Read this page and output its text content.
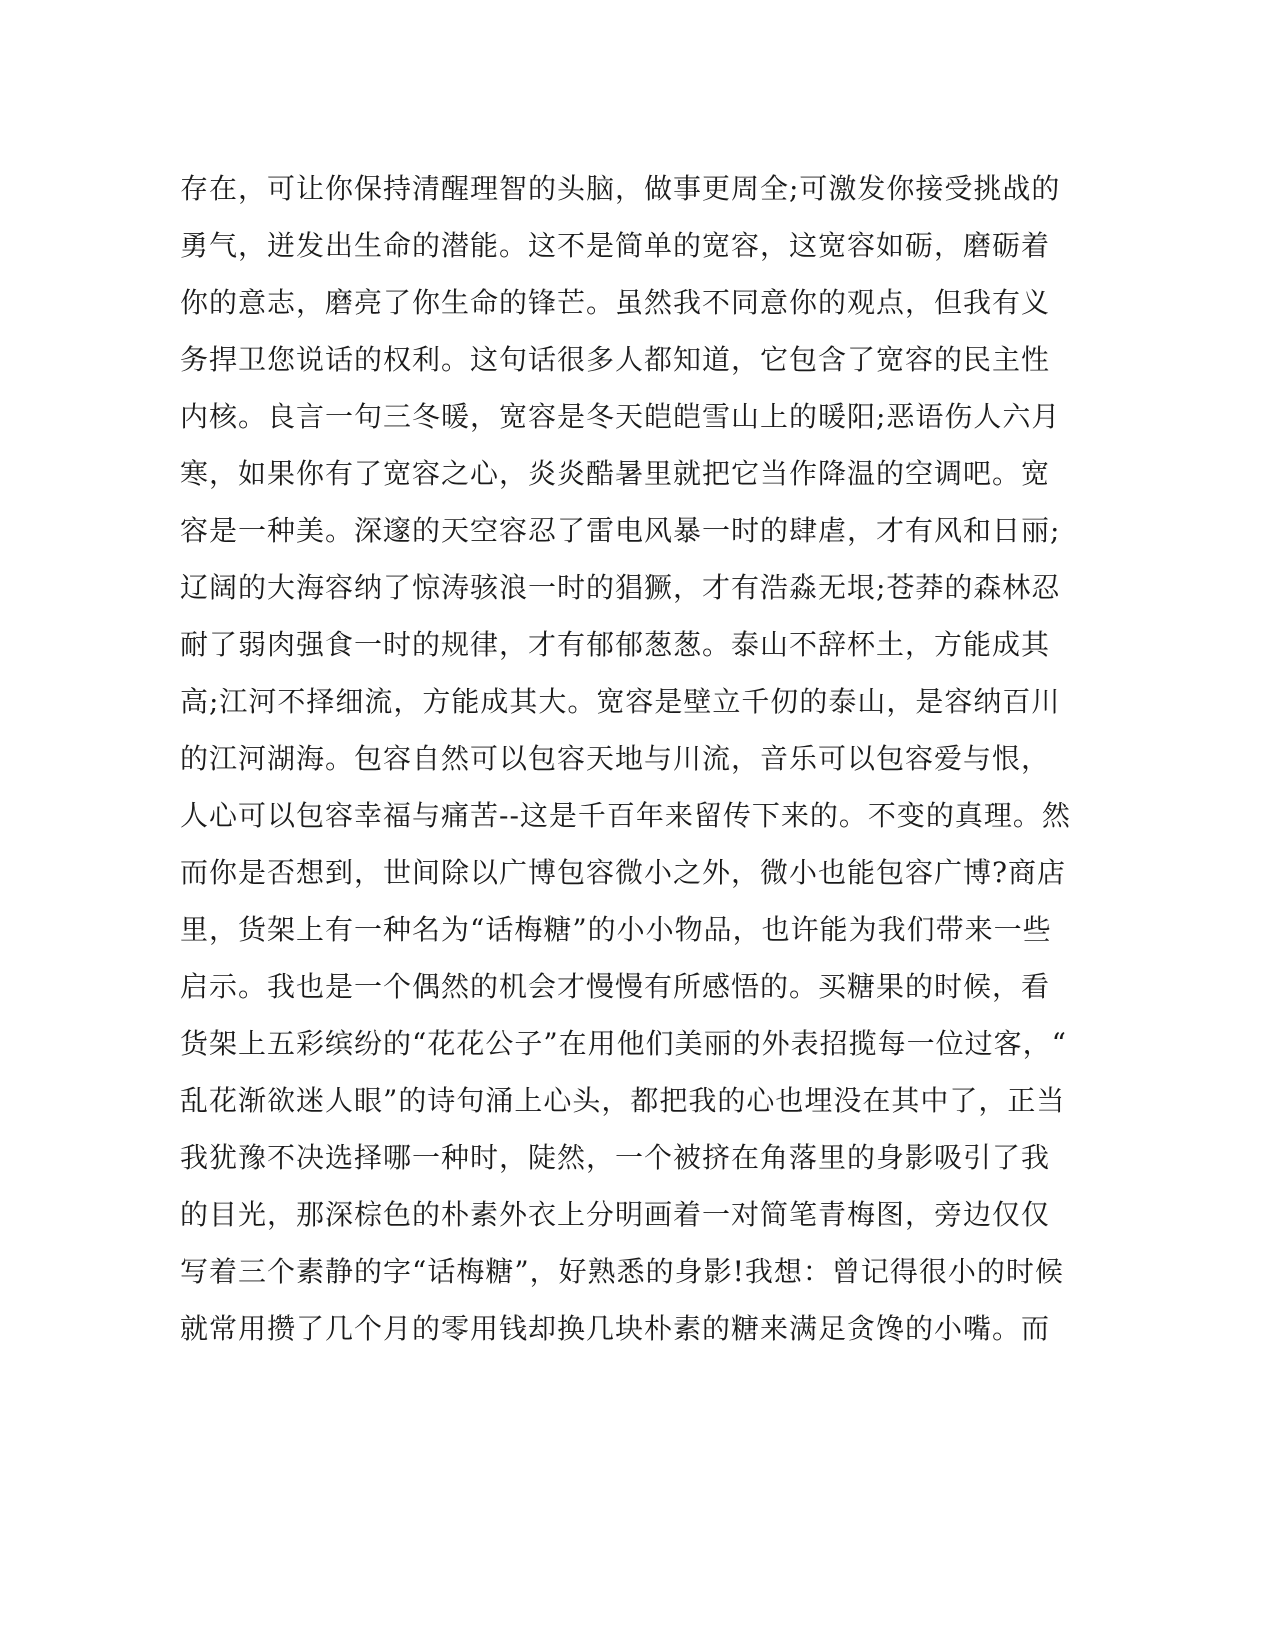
存在，可让你保持清醒理智的头脑，做事更周全;可激发你接受挑战的
勇气，迸发出生命的潜能。这不是简单的宽容，这宽容如砺，磨砺着
你的意志，磨亮了你生命的锋芒。虽然我不同意你的观点，但我有义
务捍卫您说话的权利。这句话很多人都知道，它包含了宽容的民主性
内核。良言一句三冬暖，宽容是冬天皑皑雪山上的暖阳;恶语伤人六月
寒，如果你有了宽容之心，炎炎酷暑里就把它当作降温的空调吧。宽
容是一种美。深邃的天空容忍了雷电风暴一时的肆虐，才有风和日丽;
辽阔的大海容纳了惊涛骇浪一时的猖獗，才有浩淼无垠;苍莽的森林忍
耐了弱肉强食一时的规律，才有郁郁葱葱。泰山不辞杯土，方能成其
高;江河不择细流，方能成其大。宽容是壁立千仞的泰山，是容纳百川
的江河湖海。包容自然可以包容天地与川流，音乐可以包容爱与恨，
人心可以包容幸福与痛苦--这是千百年来留传下来的。不变的真理。然
而你是否想到，世间除以广博包容微小之外，微小也能包容广博?商店
里，货架上有一种名为“话梅糖”的小小物品，也许能为我们带来一些
启示。我也是一个偶然的机会才慢慢有所感悟的。买糖果的时候，看
货架上五彩缤纷的“花花公子”在用他们美丽的外表招揽每一位过客，“
乱花渐欲迷人眼”的诗句涌上心头，都把我的心也埋没在其中了，正当
我犹豫不决选择哪一种时，陡然，一个被挤在角落里的身影吸引了我
的目光，那深棕色的朴素外衣上分明画着一对简笔青梅图，旁边仅仅
写着三个素静的字“话梅糖”，好熟悉的身影!我想：曾记得很小的时候
就常用攒了几个月的零用钱却换几块朴素的糖来满足贪馋的小嘴。而
